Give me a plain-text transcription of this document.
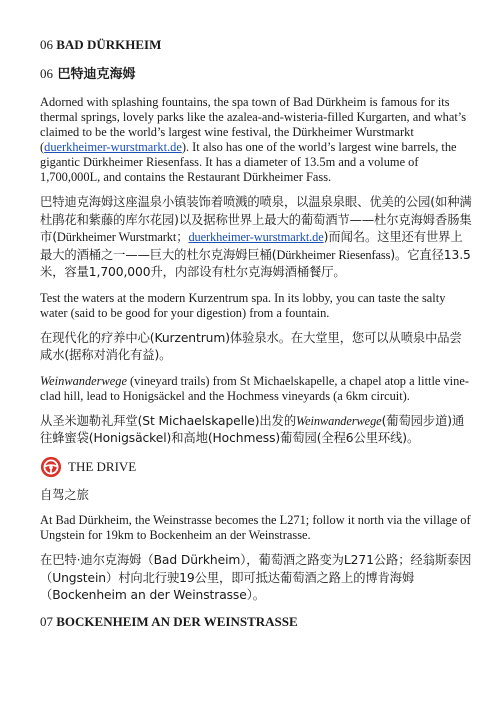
06 BAD DÜRKHEIM
06 巴特迪克海姆

Adorned with splashing fountains, the spa town of Bad Dürkheim is famous for its thermal springs, lovely parks like the azalea-and-wisteria-filled Kurgarten, and what’s claimed to be the world’s largest wine festival, the Dürkheimer Wurstmarkt (duerkheimer-wurstmarkt.de). It also has one of the world’s largest wine barrels, the gigantic Dürkheimer Riesenfass. It has a diameter of 13.5m and a volume of 1,700,000L, and contains the Restaurant Dürkheimer Fass.

巴特迪克海姆这座温泉小镇装饰着喷溅的喷泉，以温泉泉眼、优美的公园(如种满杜鹃花和紫藤的库尔花园)以及据称世界上最大的葡萄酒节——杜尔克海姆香肠集市(Dürkheimer Wurstmarkt；duerkheimer-wurstmarkt.de)而闻名。这里还有世界上最大的酒桶之一——巨大的杜尔克海姆巨桶(Dürkheimer Riesenfass)。它直径13.5米，容量1,700,000升，内部设有杜尔克海姆酒桶餐厅。

Test the waters at the modern Kurzentrum spa. In its lobby, you can taste the salty water (said to be good for your digestion) from a fountain.

在现代化的疗养中心(Kurzentrum)体验泉水。在大堂里，您可以从喷泉中品尝咸水(据称对消化有益)。

Weinwanderwege (vineyard trails) from St Michaelskapelle, a chapel atop a little vine-clad hill, lead to Honigsäckel and the Hochmess vineyards (a 6km circuit).

从圣米迦勒礼拜堂(St Michaelskapelle)出发的Weinwanderwege(葡萄园步道)通往蜂蜜袋(Honigsäckel)和高地(Hochmess)葡萄园(全程6公里环线)。

THE DRIVE

自驾之旅

At Bad Dürkheim, the Weinstrasse becomes the L271; follow it north via the village of Ungstein for 19km to Bockenheim an der Weinstrasse.

在巴特·迪尔克海姆（Bad Dürkheim），葡萄酒之路变为L271公路；经翁斯泰因（Ungstein）村向北行驶19公里，即可抵达葡萄酒之路上的博肯海姆（Bockenheim an der Weinstrasse）。

07 BOCKENHEIM AN DER WEINSTRASSE
